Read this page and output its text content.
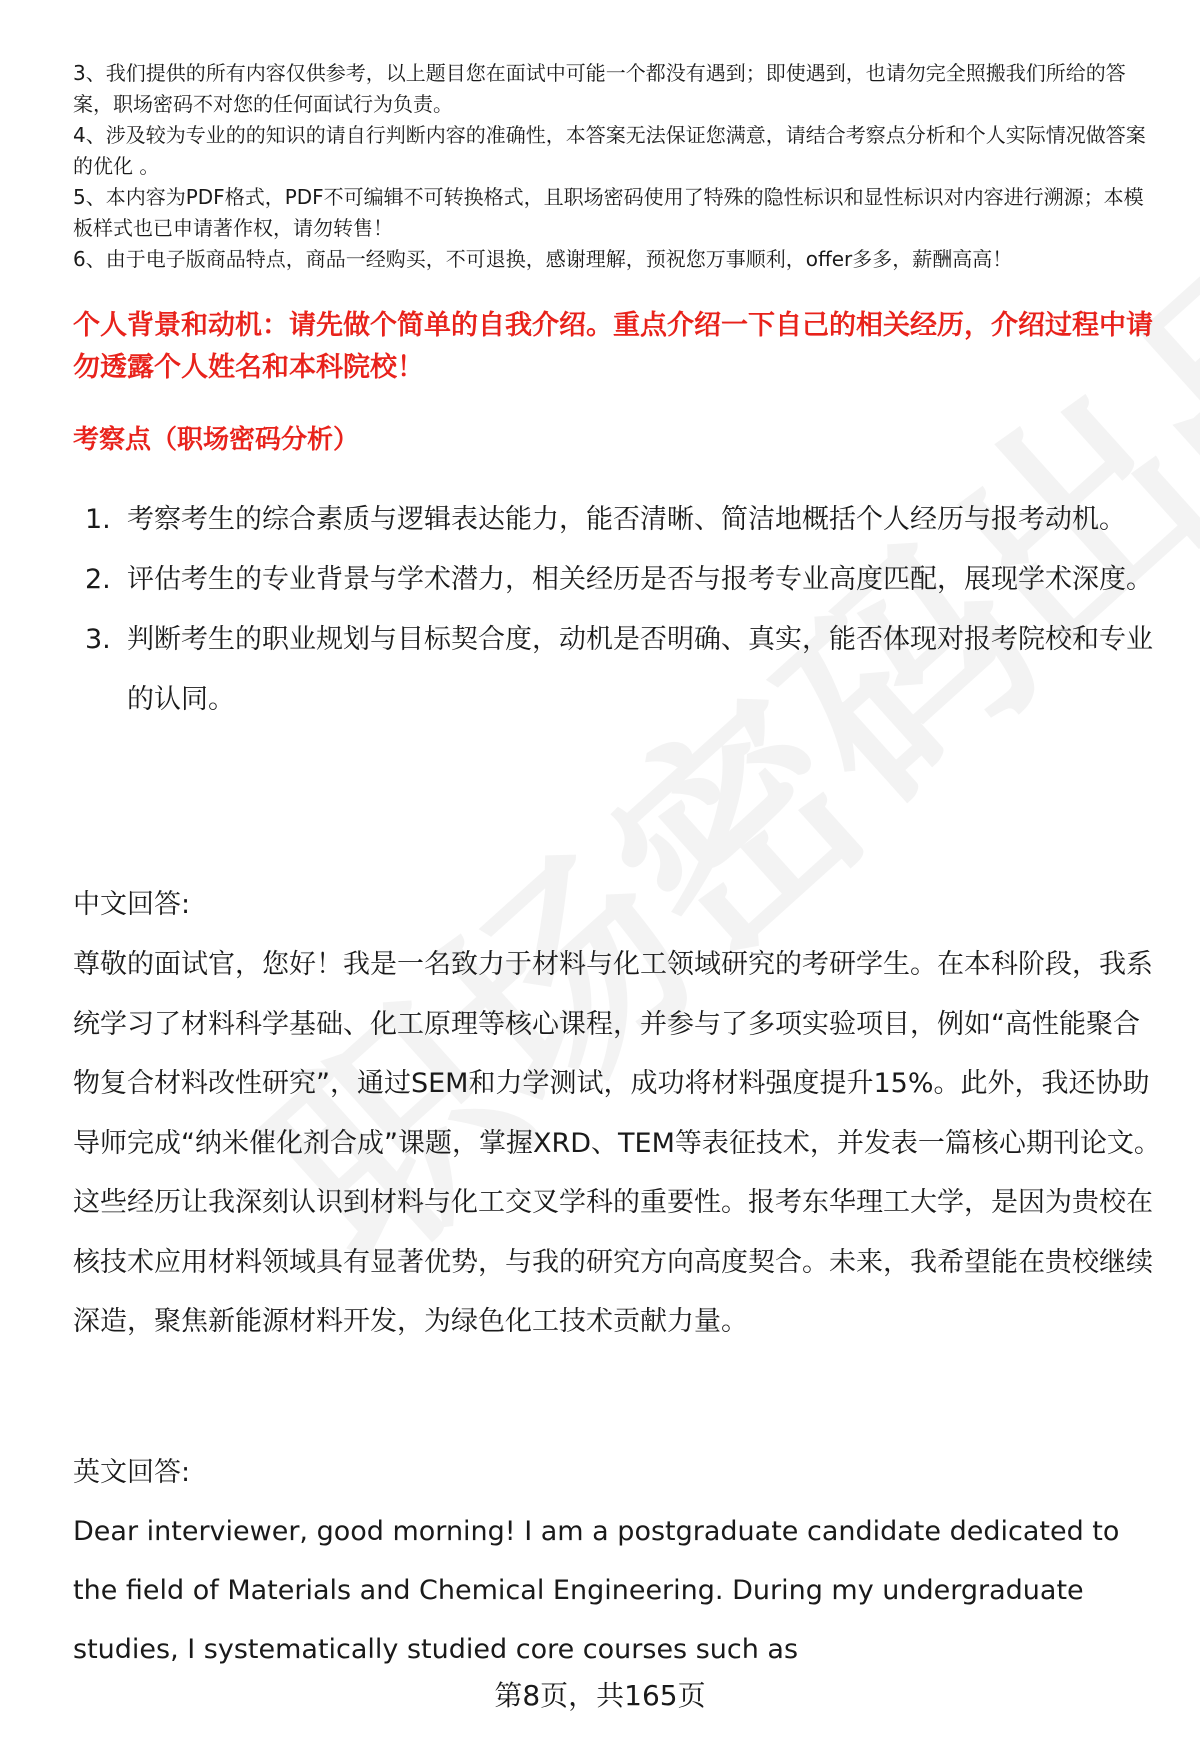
3、我们提供的所有内容仅供参考，以上题目您在面试中可能一个都没有遇到；即使遇到，也请勿完全照搬我们所给的答案，职场密码不对您的任何面试行为负责。

4、涉及较为专业的的知识的请自行判断内容的准确性，本答案无法保证您满意，请结合考察点分析和个人实际情况做答案的优化 。

5、本内容为PDF格式，PDF不可编辑不可转换格式，且职场密码使用了特殊的隐性标识和显性标识对内容进行溯源；本模板样式也已申请著作权，请勿转售！

6、由于电子版商品特点，商品一经购买，不可退换，感谢理解，预祝您万事顺利，offer多多，薪酬高高！

个人背景和动机：请先做个简单的自我介绍。重点介绍一下自己的相关经历，介绍过程中请勿透露个人姓名和本科院校！

考察点（职场密码分析）

1. 考察考生的综合素质与逻辑表达能力，能否清晰、简洁地概括个人经历与报考动机。
2. 评估考生的专业背景与学术潜力，相关经历是否与报考专业高度匹配，展现学术深度。
3. 判断考生的职业规划与目标契合度，动机是否明确、真实，能否体现对报考院校和专业的认同。

中文回答:

尊敬的面试官，您好！我是一名致力于材料与化工领域研究的考研学生。在本科阶段，我系统学习了材料科学基础、化工原理等核心课程，并参与了多项实验项目，例如“高性能聚合物复合材料改性研究”，通过SEM和力学测试，成功将材料强度提升15%。此外，我还协助导师完成“纳米催化剂合成”课题，掌握XRD、TEM等表征技术，并发表一篇核心期刊论文。这些经历让我深刻认识到材料与化工交叉学科的重要性。报考东华理工大学，是因为贵校在核技术应用材料领域具有显著优势，与我的研究方向高度契合。未来，我希望能在贵校继续深造，聚焦新能源材料开发，为绿色化工技术贡献力量。

英文回答:

Dear interviewer, good morning! I am a postgraduate candidate dedicated to the field of Materials and Chemical Engineering. During my undergraduate studies, I systematically studied core courses such as

第8页，共165页
